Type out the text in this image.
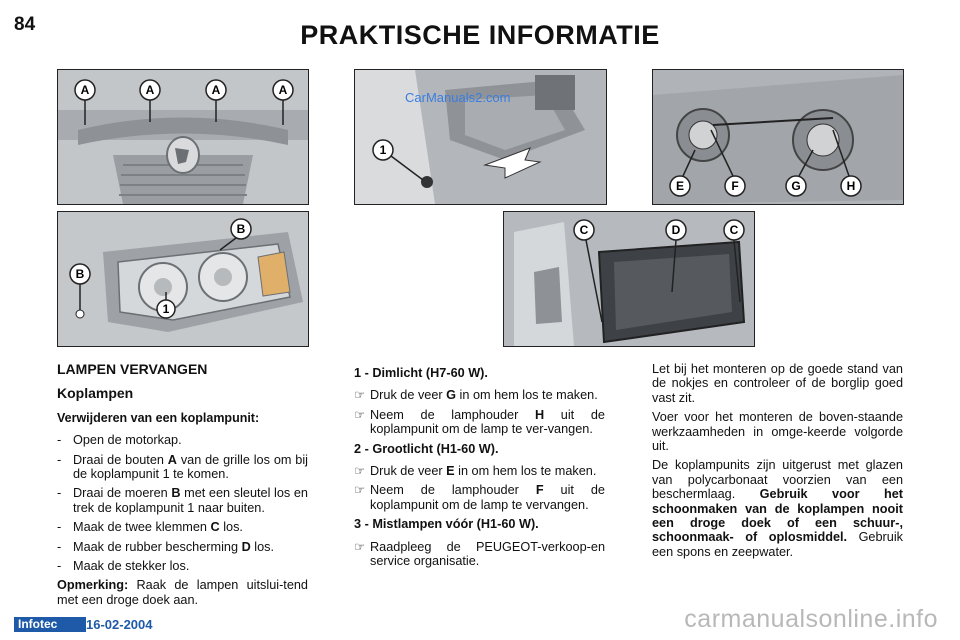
84	PRAKTISCHE INFORMATIE
A	A	A	A
B
B
1
1
CarManuals2.com
E	F	G	H
C	D	C
LAMPEN VERVANGEN
Koplampen
Verwijderen van een koplampunit:
- Open de motorkap.
- Draai de bouten A van de grille los om bij de koplampunit 1 te komen.
- Draai de moeren B met een sleutel los en trek de koplampunit 1 naar buiten.
- Maak de twee klemmen C los.
- Maak de rubber bescherming D los.
- Maak de stekker los.

Opmerking: Raak de lampen uitslui-tend met een droge doek aan.

1 - Dimlicht (H7-60 W).
☞ Druk de veer G in om hem los te maken.
☞ Neem de lamphouder H uit de koplampunit om de lamp te ver-vangen.
2 - Grootlicht (H1-60 W).
☞ Druk de veer E in om hem los te maken.
☞ Neem de lamphouder F uit de koplampunit om de lamp te vervangen.
3 - Mistlampen vóór (H1-60 W).
☞ Raadpleeg de PEUGEOT-verkoop-en service organisatie.

Let bij het monteren op de goede stand van de nokjes en controleer of de borglip goed vast zit.

Voer voor het monteren de boven-staande werkzaamheden in omge-keerde volgorde uit.

De koplampunits zijn uitgerust met glazen van polycarbonaat voorzien van een beschermlaag. Gebruik voor het schoonmaken van de koplampen nooit een droge doek of een schuur-, schoonmaak- of oplosmiddel. Gebruik een spons en zeepwater.

Infotec	16-02-2004	carmanualsonline.info
